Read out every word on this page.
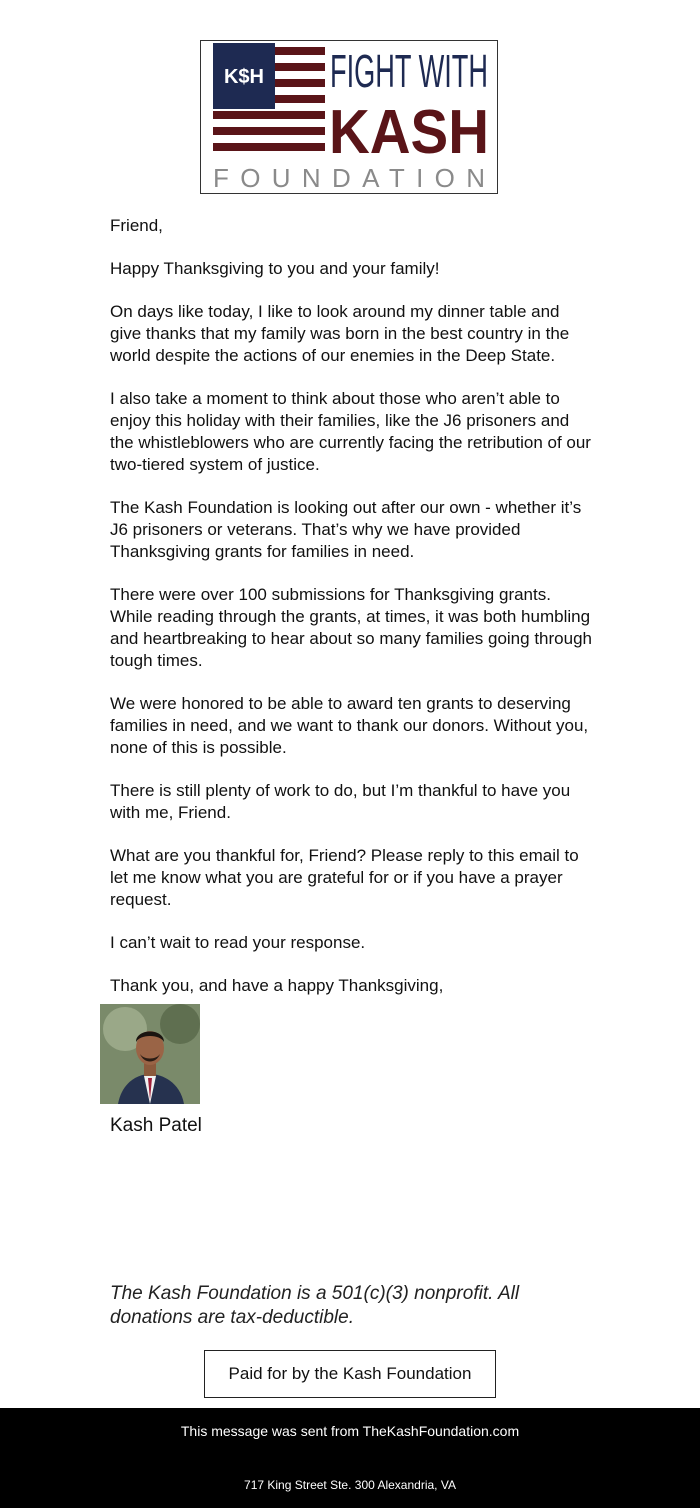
K$H FIGHT WITH
KASH
FOUNDATION

Friend,

Happy Thanksgiving to you and your family!

On days like today, I like to look around my dinner table and give thanks that my family was born in the best country in the world despite the actions of our enemies in the Deep State.

I also take a moment to think about those who aren’t able to enjoy this holiday with their families, like the J6 prisoners and the whistleblowers who are currently facing the retribution of our two-tiered system of justice.

The Kash Foundation is looking out after our own - whether it’s J6 prisoners or veterans. That’s why we have provided Thanksgiving grants for families in need.

There were over 100 submissions for Thanksgiving grants. While reading through the grants, at times, it was both humbling and heartbreaking to hear about so many families going through tough times.

We were honored to be able to award ten grants to deserving families in need, and we want to thank our donors. Without you, none of this is possible.

There is still plenty of work to do, but I’m thankful to have you with me, Friend.

What are you thankful for, Friend? Please reply to this email to let me know what you are grateful for or if you have a prayer request.

I can’t wait to read your response.

Thank you, and have a happy Thanksgiving,

Kash Patel
The Kash Foundation is a 501(c)(3) nonprofit. All donations are tax-deductible.
Paid for by the Kash Foundation
This message was sent from TheKashFoundation.com
717 King Street Ste. 300 Alexandria, VA
